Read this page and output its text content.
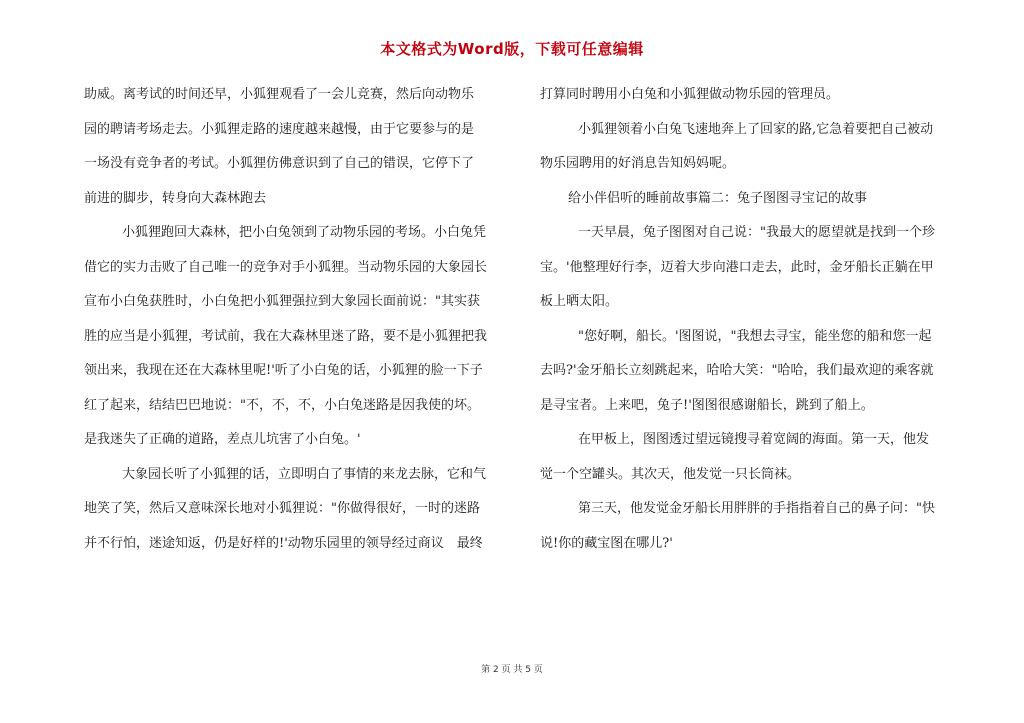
本文格式为Word版，下载可任意编辑
助威。离考试的时间还早，小狐狸观看了一会儿竞赛，然后向动物乐
园的聘请考场走去。小狐狸走路的速度越来越慢，由于它要参与的是
一场没有竞争者的考试。小狐狸仿佛意识到了自己的错误，它停下了
前进的脚步，转身向大森林跑去
小狐狸跑回大森林，把小白兔领到了动物乐园的考场。小白兔凭
借它的实力击败了自己唯一的竞争对手小狐狸。当动物乐园的大象园长
宣布小白兔获胜时，小白兔把小狐狸强拉到大象园长面前说："其实获
胜的应当是小狐狸，考试前，我在大森林里迷了路，要不是小狐狸把我
领出来，我现在还在大森林里呢!'听了小白兔的话，小狐狸的脸一下子
红了起来，结结巴巴地说："不，不，不，小白兔迷路是因我使的坏。
是我迷失了正确的道路，差点儿坑害了小白兔。'
大象园长听了小狐狸的话，立即明白了事情的来龙去脉，它和气
地笑了笑，然后又意味深长地对小狐狸说："你做得很好，一时的迷路
并不行怕，迷途知返，仍是好样的!'动物乐园里的领导经过商议　最终
打算同时聘用小白兔和小狐狸做动物乐园的管理员。
小狐狸领着小白兔飞速地奔上了回家的路,它急着要把自己被动
物乐园聘用的好消息告知妈妈呢。
给小伴侣听的睡前故事篇二：兔子图图寻宝记的故事
一天早晨，兔子图图对自己说："我最大的愿望就是找到一个珍
宝。'他整理好行李，迈着大步向港口走去，此时，金牙船长正躺在甲
板上晒太阳。
"您好啊，船长。'图图说，"我想去寻宝，能坐您的船和您一起
去吗?'金牙船长立刻跳起来，哈哈大笑："哈哈，我们最欢迎的乘客就
是寻宝者。上来吧，兔子!'图图很感谢船长，跳到了船上。
在甲板上，图图透过望远镜搜寻着宽阔的海面。第一天，他发
觉一个空罐头。其次天，他发觉一只长筒袜。
第三天，他发觉金牙船长用胖胖的手指指着自己的鼻子问："快
说!你的藏宝图在哪儿?'
第 2 页 共 5 页
